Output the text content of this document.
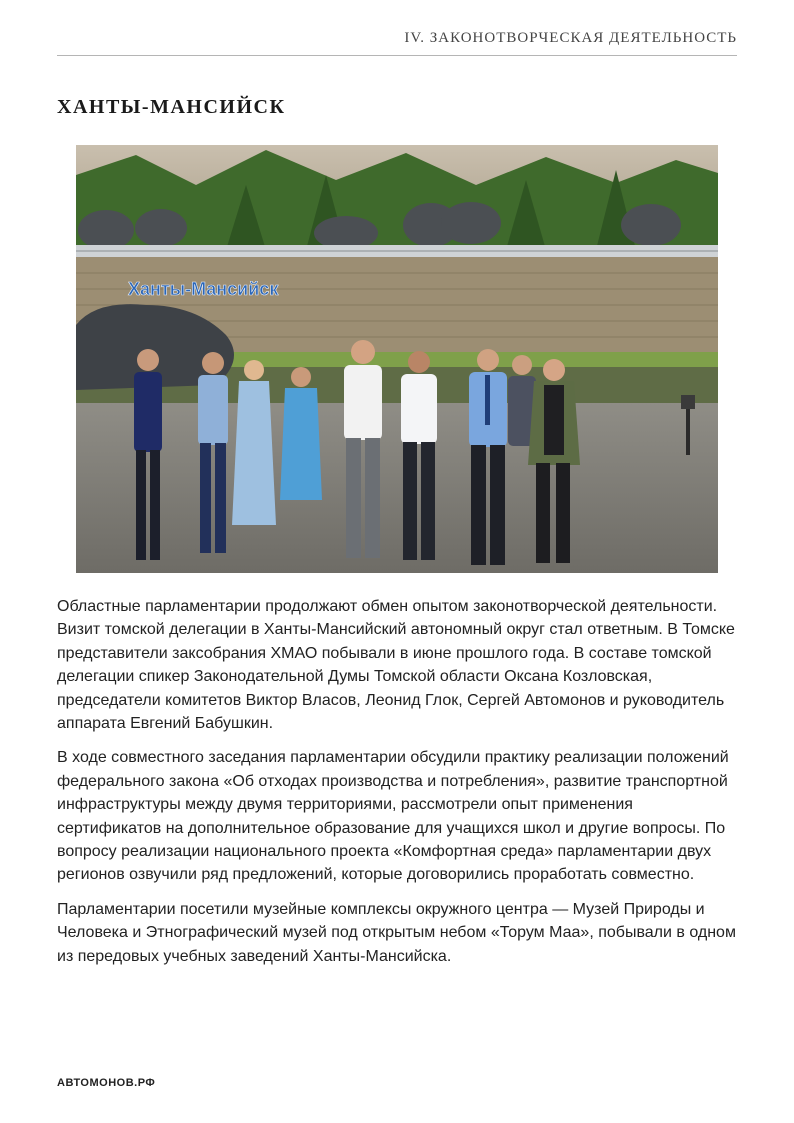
IV. ЗАКОНОТВОРЧЕСКАЯ ДЕЯТЕЛЬНОСТЬ
ХАНТЫ-МАНСИЙСК
Ханты-Мансийск

Областные парламентарии продолжают обмен опытом законотворческой деятельности. Визит томской делегации в Ханты-Мансийский автономный округ стал ответным. В Томске представители заксобрания ХМАО побывали в июне прошлого года. В составе томской делегации спикер Законодательной Думы Томской области Оксана Козловская, председатели комитетов Виктор Власов, Леонид Глок, Сергей Автомонов и руководитель аппарата Евгений Бабушкин.

В ходе совместного заседания парламентарии обсудили практику реализации положений федерального закона «Об отходах производства и потребления», развитие транспортной инфраструктуры между двумя территориями, рассмотрели опыт применения сертификатов на дополнительное образование для учащихся школ и другие вопросы. По вопросу реализации национального проекта «Комфортная среда» парламентарии двух регионов озвучили ряд предложений, которые договорились проработать совместно.

Парламентарии посетили музейные комплексы окружного центра — Музей Природы и Человека и Этнографический музей под открытым небом «Торум Маа», побывали в одном из передовых учебных заведений Ханты-Мансийска.

АВТОМОНОВ.РФ
